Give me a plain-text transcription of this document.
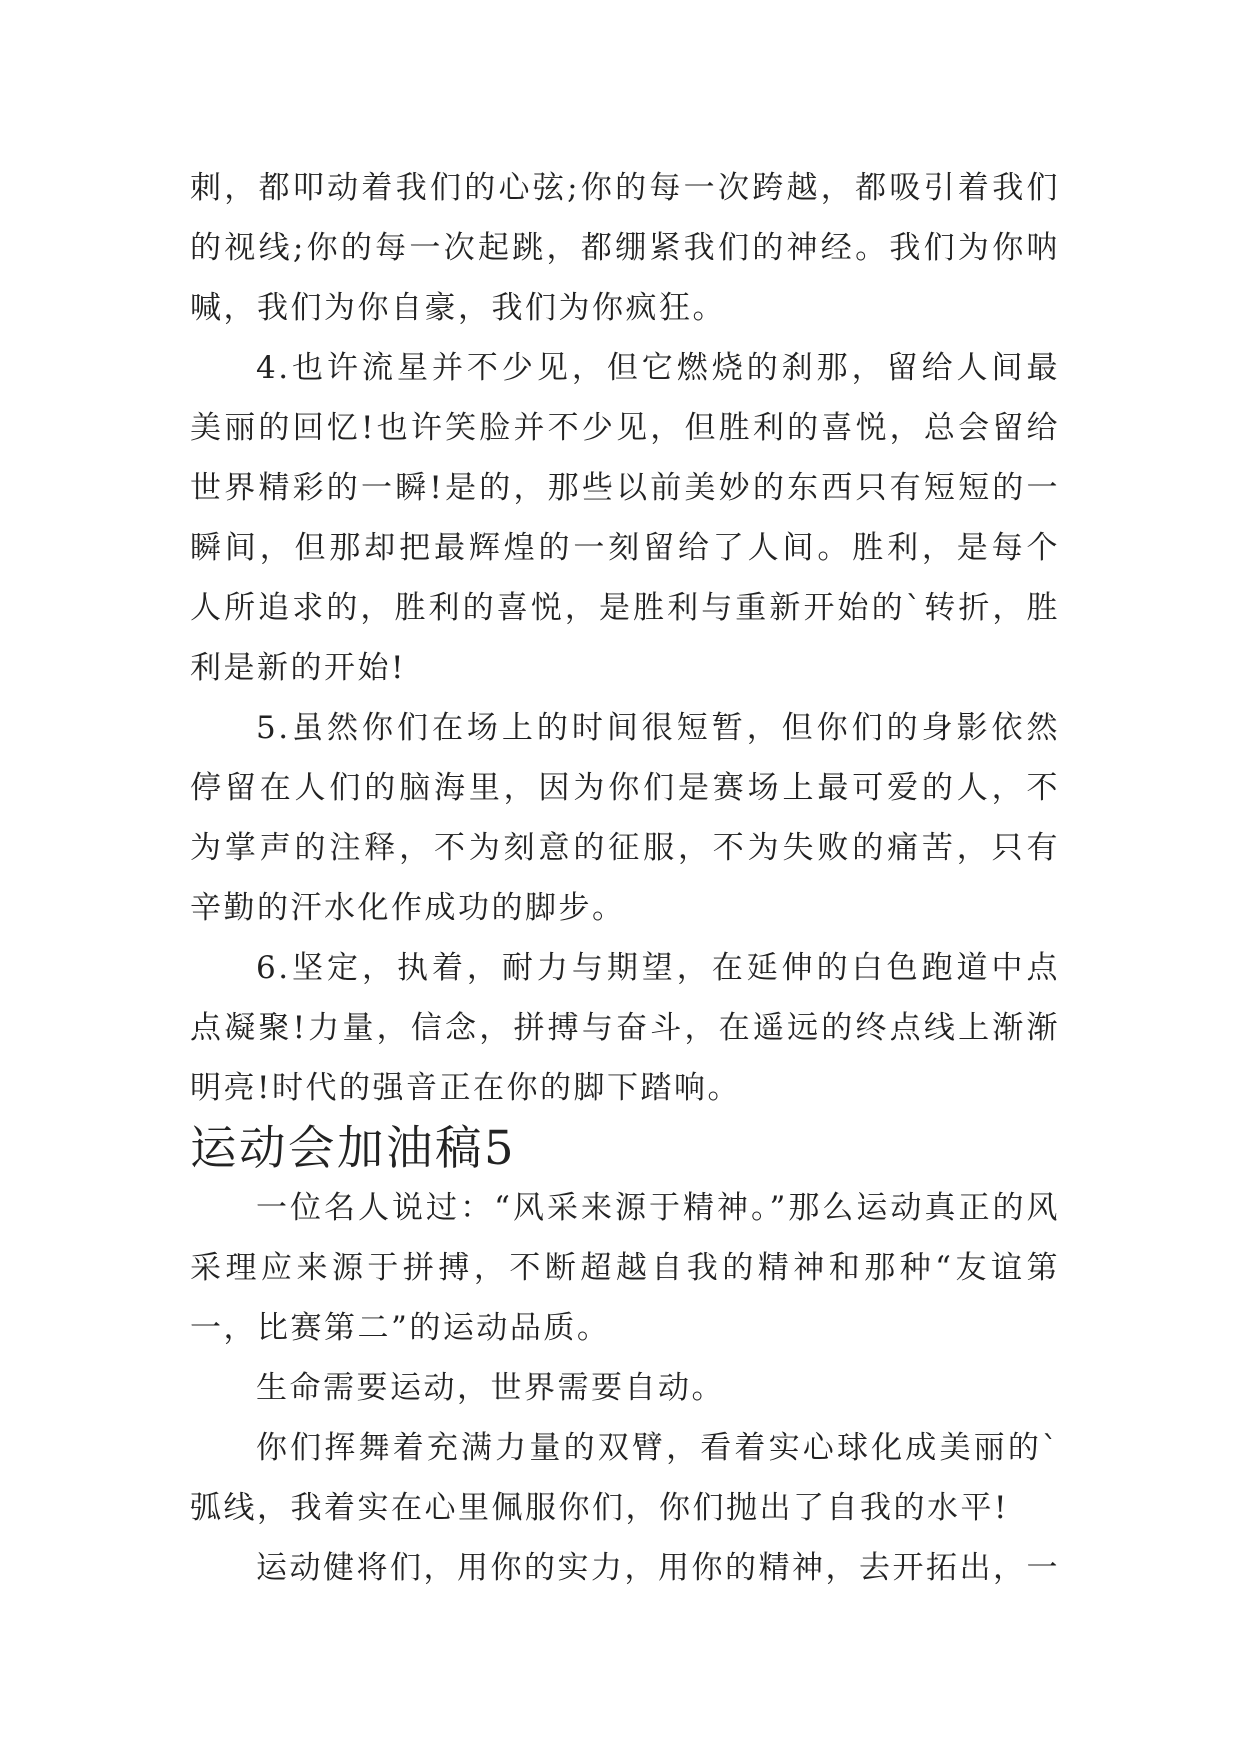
刺，都叩动着我们的心弦;你的每一次跨越，都吸引着我们的视线;你的每一次起跳，都绷紧我们的神经。我们为你呐喊，我们为你自豪，我们为你疯狂。

4.也许流星并不少见，但它燃烧的刹那，留给人间最美丽的回忆!也许笑脸并不少见，但胜利的喜悦，总会留给世界精彩的一瞬!是的，那些以前美妙的东西只有短短的一瞬间，但那却把最辉煌的一刻留给了人间。胜利，是每个人所追求的，胜利的喜悦，是胜利与重新开始的`转折，胜利是新的开始!

5.虽然你们在场上的时间很短暂，但你们的身影依然停留在人们的脑海里，因为你们是赛场上最可爱的人，不为掌声的注释，不为刻意的征服，不为失败的痛苦，只有辛勤的汗水化作成功的脚步。

6.坚定，执着，耐力与期望，在延伸的白色跑道中点点凝聚!力量，信念，拼搏与奋斗，在遥远的终点线上渐渐明亮!时代的强音正在你的脚下踏响。

运动会加油稿5

一位名人说过：“风采来源于精神。”那么运动真正的风采理应来源于拼搏，不断超越自我的精神和那种“友谊第一，比赛第二”的运动品质。

生命需要运动，世界需要自动。

你们挥舞着充满力量的双臂，看着实心球化成美丽的`弧线，我着实在心里佩服你们，你们抛出了自我的水平!

运动健将们，用你的实力，用你的精神，去开拓出，一
